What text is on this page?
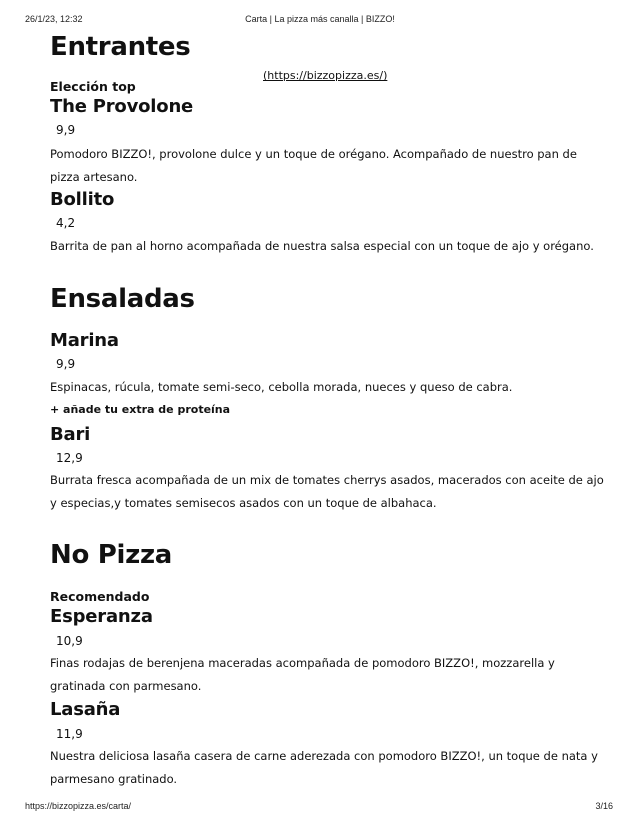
26/1/23, 12:32	Carta | La pizza más canalla | BIZZO!
Entrantes
(https://bizzopizza.es/)
Elección top
The Provolone
9,9
Pomodoro BIZZO!, provolone dulce y un toque de orégano. Acompañado de nuestro pan de pizza artesano.
Bollito
4,2
Barrita de pan al horno acompañada de nuestra salsa especial con un toque de ajo y orégano.
Ensaladas
Marina
9,9
Espinacas, rúcula, tomate semi-seco, cebolla morada, nueces y queso de cabra.
+ añade tu extra de proteína
Bari
12,9
Burrata fresca acompañada de un mix de tomates cherrys asados, macerados con aceite de ajo y especias,y tomates semisecos asados con un toque de albahaca.
No Pizza
Recomendado
Esperanza
10,9
Finas rodajas de berenjena maceradas acompañada de pomodoro BIZZO!, mozzarella y gratinada con parmesano.
Lasaña
11,9
Nuestra deliciosa lasaña casera de carne aderezada con pomodoro BIZZO!, un toque de nata y parmesano gratinado.
https://bizzopizza.es/carta/	3/16
